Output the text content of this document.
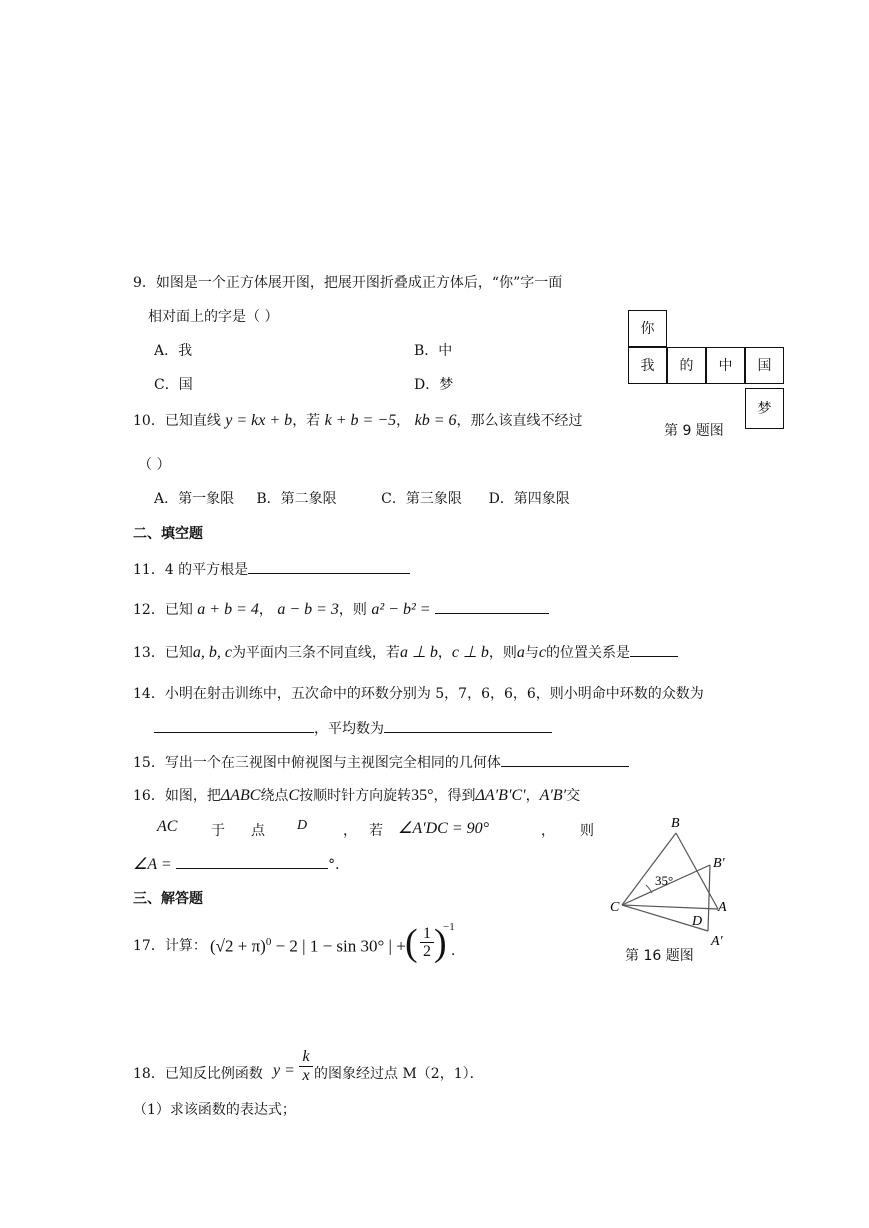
9．如图是一个正方体展开图，把展开图折叠成正方体后，“你”字一面
相对面上的字是（ ）
A．我	B．中
C．国	D．梦
你
我	的	中	国
梦
第 9 题图
10．已知直线 y = kx + b，若 k + b = −5， kb = 6，那么该直线不经过
（ ）
A．第一象限     B．第二象限          C．第三象限      D．第四象限
二、填空题
11．4 的平方根是
12．已知 a + b = 4， a − b = 3，则 a² − b² =
13．已知a, b, c为平面内三条不同直线，若a ⊥ b，c ⊥ b，则a与c的位置关系是
14．小明在射击训练中，五次命中的环数分别为 5，7，6，6，6，则小明命中环数的众数为
，平均数为
15．写出一个在三视图中俯视图与主视图完全相同的几何体
16．如图，把ΔABC绕点C按顺时针方向旋转35°，得到ΔA′B′C′，A′B′交
AC 于 点 D	， 若 ∠A′DC = 90°	， 则
∠A =	°．
B
B′
C
D
A
A′
35°
第 16 题图
三、解答题
17．计算： $(√2 + \pi)^0 - 2$ | 1 − sin 30° | + ( $\frac{1}{2}$ )
−1
．
18．已知反比例函数 $y = \frac{k}{x}$ 的图象经过点 M（2，1）．
（1）求该函数的表达式；
